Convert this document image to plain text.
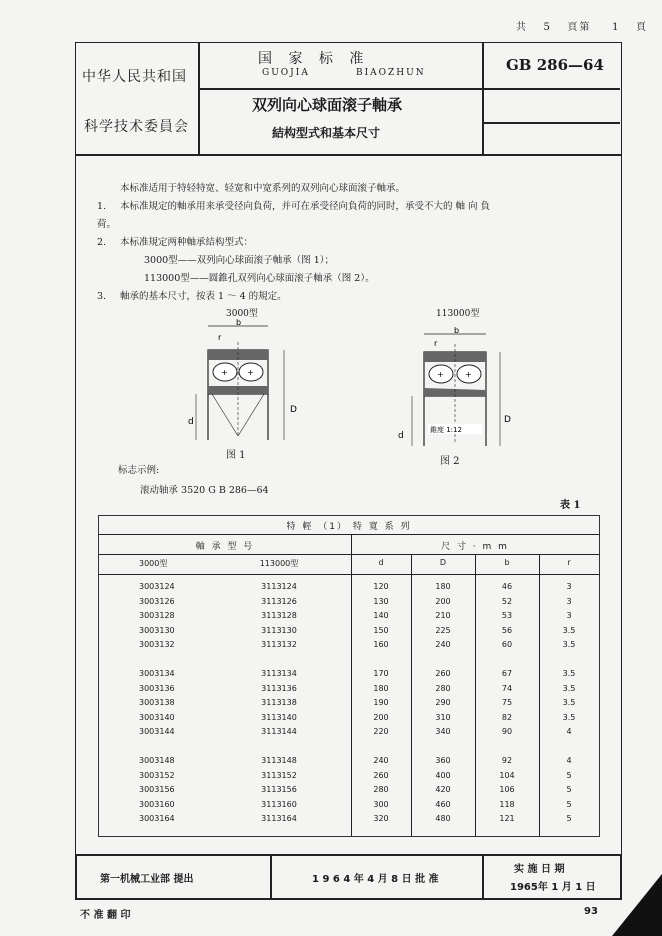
共 5 頁第 1 頁
中华人民共和国
科学技术委員会
国 家 标 准
GUOJIA	BIAOZHUN	GB 286—64
双列向心球面滚子軸承
結构型式和基本尺寸
本标准适用于特轻特宽、轻宽和中宽系列的双列向心球面滚子軸承。
1.	本标准規定的軸承用来承受径向負荷，并可在承受径向負荷的同时，承受不大的 軸 向 負
荷。
2.	本标准規定两种軸承結构型式：
3000型——双列向心球面滚子軸承（图 1）；
113000型——圆錐孔双列向心球面滚子軸承（图 2）。
3.	軸承的基本尺寸，按表 1 ～ 4 的規定。
3000型
b
r
+ +
d
D
图 1
113000型
b
r
+	+
錐度 1:12
d
D
图 2
标志示例:
滚动轴承 3520 G B 286—64
表 1
特 輕 （1） 特 寬 系 列
軸 承 型 号	尺 寸 · m m
3000型	113000型	d	D	b	r
3003124	3113124	120	180	46	3
3003126	3113126	130	200	52	3
3003128	3113128	140	210	53	3
3003130	3113130	150	225	56	3.5
3003132	3113132	160	240	60	3.5
3003134	3113134	170	260	67	3.5
3003136	3113136	180	280	74	3.5
3003138	3113138	190	290	75	3.5
3003140	3113140	200	310	82	3.5
3003144	3113144	220	340	90	4
3003148	3113148	240	360	92	4
3003152	3113152	260	400	104	5
3003156	3113156	280	420	106	5
3003160	3113160	300	460	118	5
3003164	3113164	320	480	121	5
第一机械工业部 提出	1 9 6 4 年 4 月 8 日 批 准
实 施 日 期
1965年 1 月 1 日
不 准 翻 印	93
